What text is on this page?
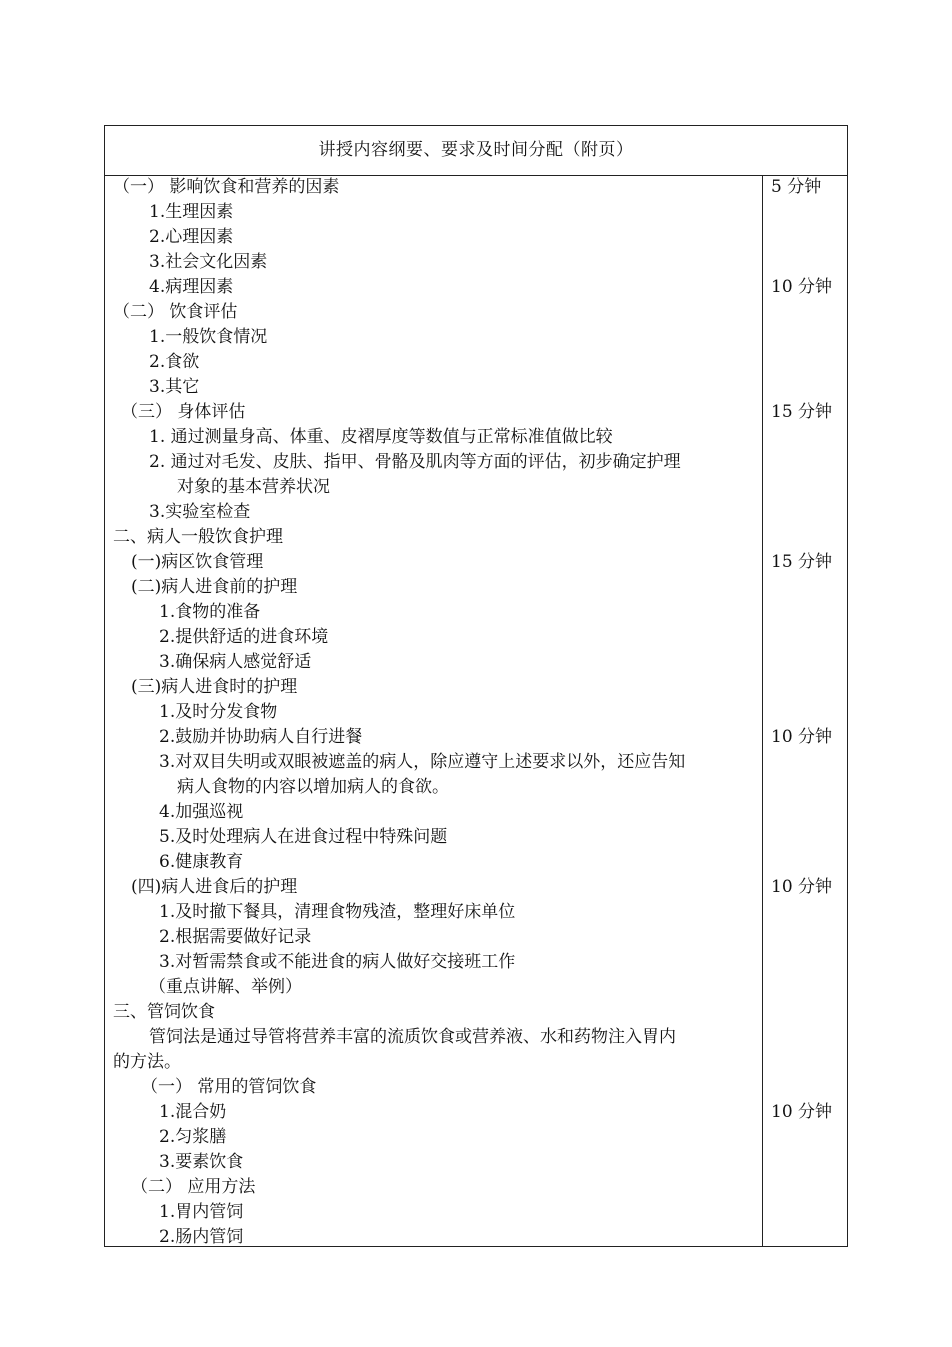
讲授内容纲要、要求及时间分配（附页）
（一） 影响饮食和营养的因素
1.生理因素
2.心理因素
3.社会文化因素
4.病理因素
（二） 饮食评估
1.一般饮食情况
2.食欲
3.其它
（三） 身体评估
1. 通过测量身高、体重、皮褶厚度等数值与正常标准值做比较
2. 通过对毛发、皮肤、指甲、骨骼及肌肉等方面的评估，初步确定护理
对象的基本营养状况
3.实验室检查
二、病人一般饮食护理
(一)病区饮食管理
(二)病人进食前的护理
1.食物的准备
2.提供舒适的进食环境
3.确保病人感觉舒适
(三)病人进食时的护理
1.及时分发食物
2.鼓励并协助病人自行进餐
3.对双目失明或双眼被遮盖的病人，除应遵守上述要求以外，还应告知
病人食物的内容以增加病人的食欲。
4.加强巡视
5.及时处理病人在进食过程中特殊问题
6.健康教育
(四)病人进食后的护理
1.及时撤下餐具，清理食物残渣，整理好床单位
2.根据需要做好记录
3.对暂需禁食或不能进食的病人做好交接班工作
（重点讲解、举例）
三、管饲饮食
管饲法是通过导管将营养丰富的流质饮食或营养液、水和药物注入胃内
的方法。
（一） 常用的管饲饮食
1.混合奶
2.匀浆膳
3.要素饮食
（二） 应用方法
1.胃内管饲
2.肠内管饲
5 分钟
10 分钟
15 分钟
15 分钟
10 分钟
10 分钟
10 分钟
